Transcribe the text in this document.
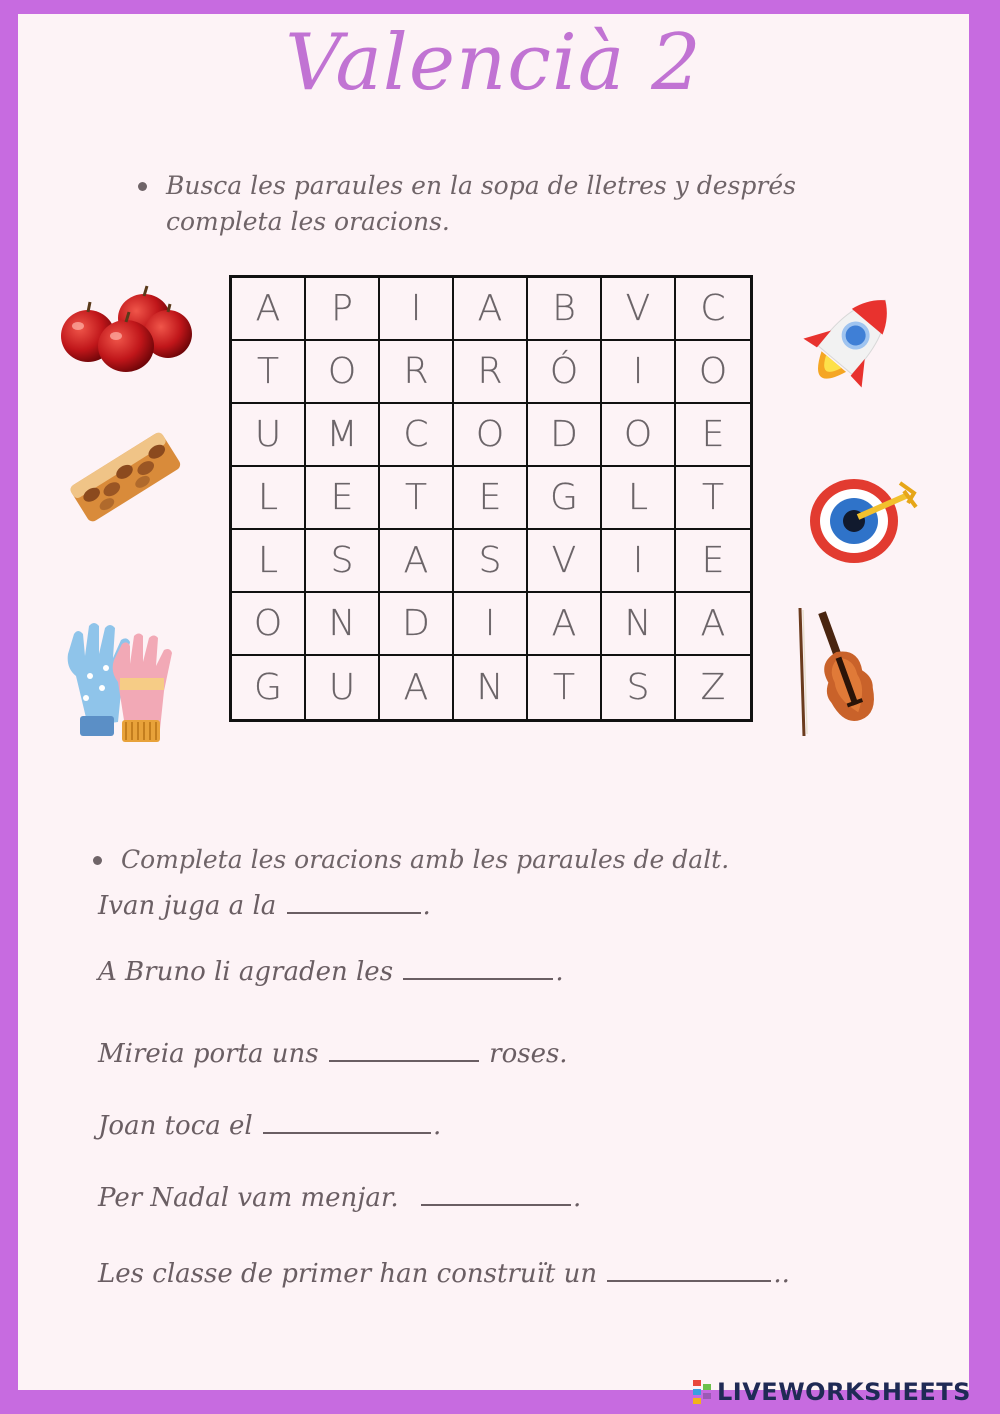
Valencià 2
Busca les paraules en la sopa de lletres y després completa les oracions.
A	P	I	A	B	V	C
T	O	R	R	Ó	I	O
U	M	C	O	D	O	E
L	E	T	E	G	L	T
L	S	A	S	V	I	E
O	N	D	I	A	N	A
G	U	A	N	T	S	Z
Completa les oracions amb les paraules de dalt.
Ivan juga a la	.
A Bruno li agraden les	.
Mireia porta uns	roses.
Joan toca el	.
Per Nadal vam menjar.	.
Les classe de primer han construït un	..
LIVEWORKSHEETS
